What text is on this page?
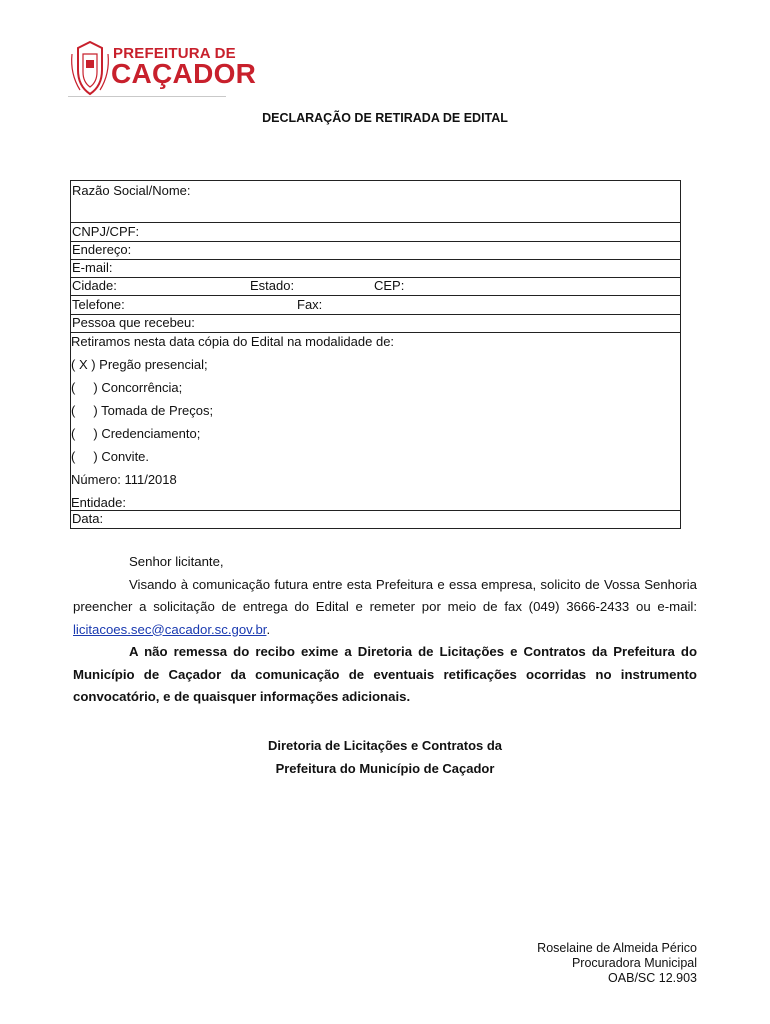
PREFEITURA DE
CAÇADOR
DECLARAÇÃO DE RETIRADA DE EDITAL
Razão Social/Nome:
CNPJ/CPF:
Endereço:
E-mail:
Cidade:	Estado:	CEP:
Telefone:	Fax:
Pessoa que recebeu:
Retiramos nesta data cópia do Edital na modalidade de:
( X ) Pregão presencial;
(     ) Concorrência;
(     ) Tomada de Preços;
(     ) Credenciamento;
(     ) Convite.
Número: 111/2018
Entidade:
Data:
Senhor licitante,
Visando à comunicação futura entre esta Prefeitura e essa empresa, solicito de Vossa Senhoria preencher a solicitação de entrega do Edital e remeter por meio de fax (049) 3666-2433 ou e-mail: licitacoes.sec@cacador.sc.gov.br.
A não remessa do recibo exime a Diretoria de Licitações e Contratos da Prefeitura do Município de Caçador da comunicação de eventuais retificações ocorridas no instrumento convocatório, e de quaisquer informações adicionais.
Diretoria de Licitações e Contratos da
Prefeitura do Município de Caçador
Roselaine de Almeida Périco
Procuradora Municipal
OAB/SC 12.903
